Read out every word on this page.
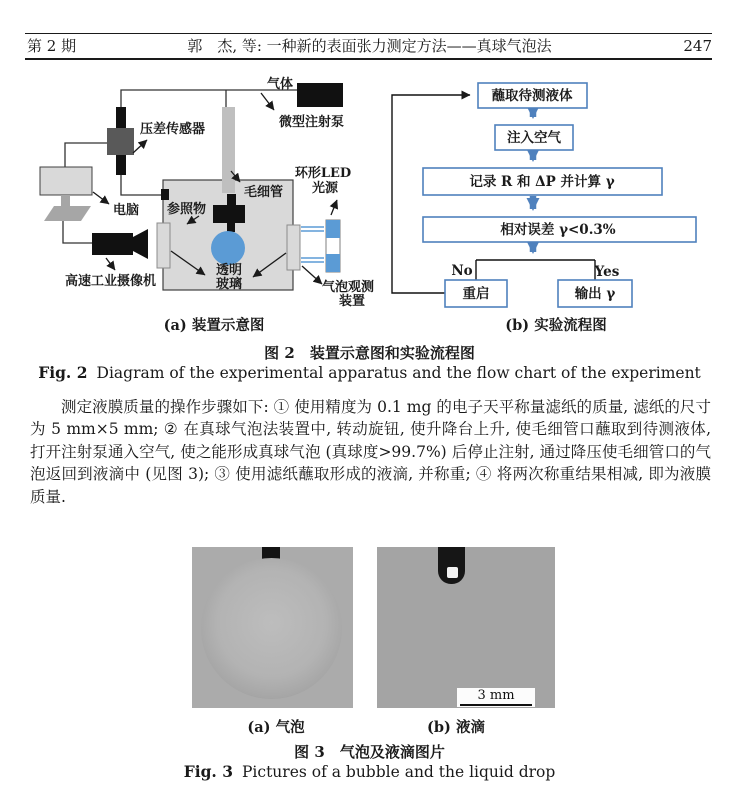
郭　杰, 等: 一种新的表面张力测定方法——真球气泡法
第 2 期	247
气体
微型注射泵
压差传感器
电脑 参照物
毛细管
环形LED
光源
透明
玻璃
高速工业摄像机	气泡观测
装置
蘸取待测液体
注入空气
记录 R 和 ΔP 并计算 γ
相对误差 γ<0.3%
重启	输出 γ
No	Yes
(a) 装置示意图	(b) 实验流程图
图 2　装置示意图和实验流程图
Fig. 2 Diagram of the experimental apparatus and the flow chart of the experiment
测定液膜质量的操作步骤如下: ① 使用精度为 0.1 mg 的电子天平称量滤纸的质量, 滤纸的尺寸为 5 mm×5 mm; ② 在真球气泡法装置中, 转动旋钮, 使升降台上升, 使毛细管口蘸取到待测液体, 打开注射泵通入空气, 使之能形成真球气泡 (真球度>99.7%) 后停止注射, 通过降压使毛细管口的气泡返回到液滴中 (见图 3); ③ 使用滤纸蘸取形成的液滴, 并称重; ④ 将两次称重结果相减, 即为液膜质量.
3 mm
(a) 气泡	(b) 液滴
图 3　气泡及液滴图片
Fig. 3 Pictures of a bubble and the liquid drop
